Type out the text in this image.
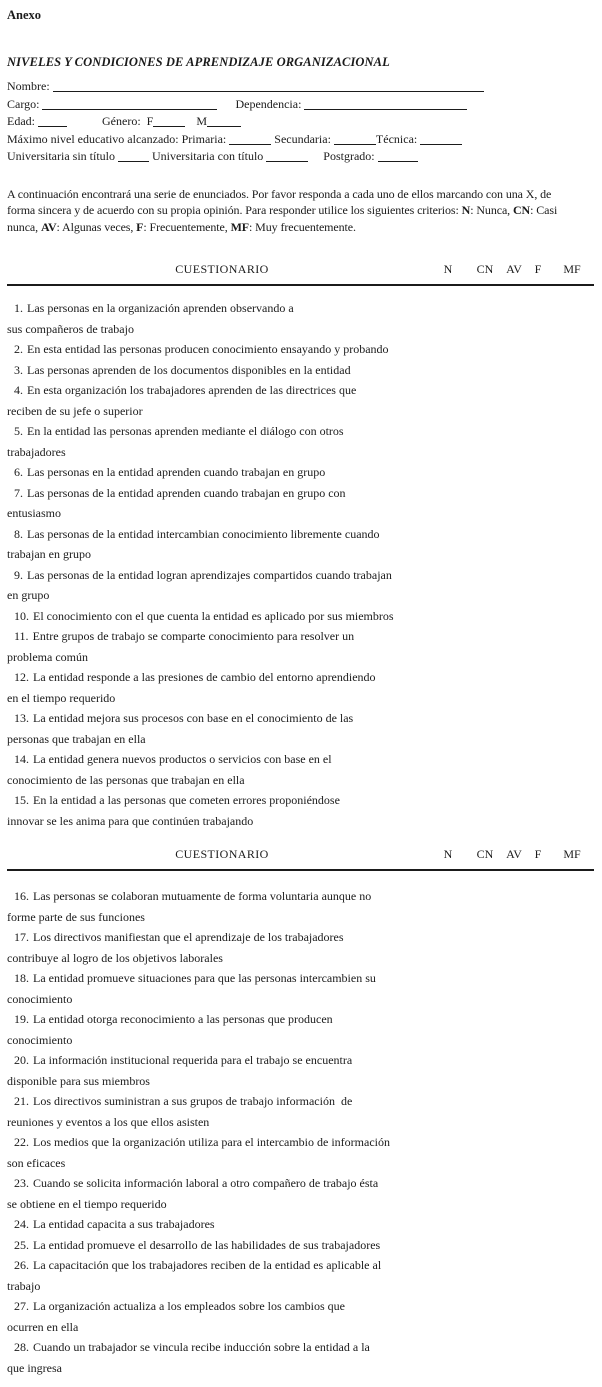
Anexo
NIVELES Y CONDICIONES DE APRENDIZAJE ORGANIZACIONAL
Nombre:
Cargo:	Dependencia:
Edad:	Género:  F	M
Máximo nivel educativo alcanzado: Primaria:	Secundaria:	Técnica:
Universitaria sin título	Universitaria con título	Postgrado:
A continuación encontrará una serie de enunciados. Por favor responda a cada uno de ellos marcando con una X, de
forma sincera y de acuerdo con su propia opinión. Para responder utilice los siguientes criterios: N: Nunca, CN: Casi
nunca, AV: Algunas veces, F: Frecuentemente, MF: Muy frecuentemente.
CUESTIONARIO	N	CN	AV	F	MF
1. Las personas en la organización aprenden observando a
sus compañeros de trabajo
2. En esta entidad las personas producen conocimiento ensayando y probando
3. Las personas aprenden de los documentos disponibles en la entidad
4. En esta organización los trabajadores aprenden de las directrices que
reciben de su jefe o superior
5. En la entidad las personas aprenden mediante el diálogo con otros
trabajadores
6. Las personas en la entidad aprenden cuando trabajan en grupo
7. Las personas de la entidad aprenden cuando trabajan en grupo con
entusiasmo
8. Las personas de la entidad intercambian conocimiento libremente cuando
trabajan en grupo
9. Las personas de la entidad logran aprendizajes compartidos cuando trabajan
en grupo
10. El conocimiento con el que cuenta la entidad es aplicado por sus miembros
11. Entre grupos de trabajo se comparte conocimiento para resolver un
problema común
12. La entidad responde a las presiones de cambio del entorno aprendiendo
en el tiempo requerido
13. La entidad mejora sus procesos con base en el conocimiento de las
personas que trabajan en ella
14. La entidad genera nuevos productos o servicios con base en el
conocimiento de las personas que trabajan en ella
15. En la entidad a las personas que cometen errores proponiéndose
innovar se les anima para que continúen trabajando
CUESTIONARIO	N	CN	AV	F	MF
16. Las personas se colaboran mutuamente de forma voluntaria aunque no
forme parte de sus funciones
17. Los directivos manifiestan que el aprendizaje de los trabajadores
contribuye al logro de los objetivos laborales
18. La entidad promueve situaciones para que las personas intercambien su
conocimiento
19. La entidad otorga reconocimiento a las personas que producen
conocimiento
20. La información institucional requerida para el trabajo se encuentra
disponible para sus miembros
21. Los directivos suministran a sus grupos de trabajo información  de
reuniones y eventos a los que ellos asisten
22. Los medios que la organización utiliza para el intercambio de información
son eficaces
23. Cuando se solicita información laboral a otro compañero de trabajo ésta
se obtiene en el tiempo requerido
24. La entidad capacita a sus trabajadores
25. La entidad promueve el desarrollo de las habilidades de sus trabajadores
26. La capacitación que los trabajadores reciben de la entidad es aplicable al
trabajo
27. La organización actualiza a los empleados sobre los cambios que
ocurren en ella
28. Cuando un trabajador se vincula recibe inducción sobre la entidad a la
que ingresa
